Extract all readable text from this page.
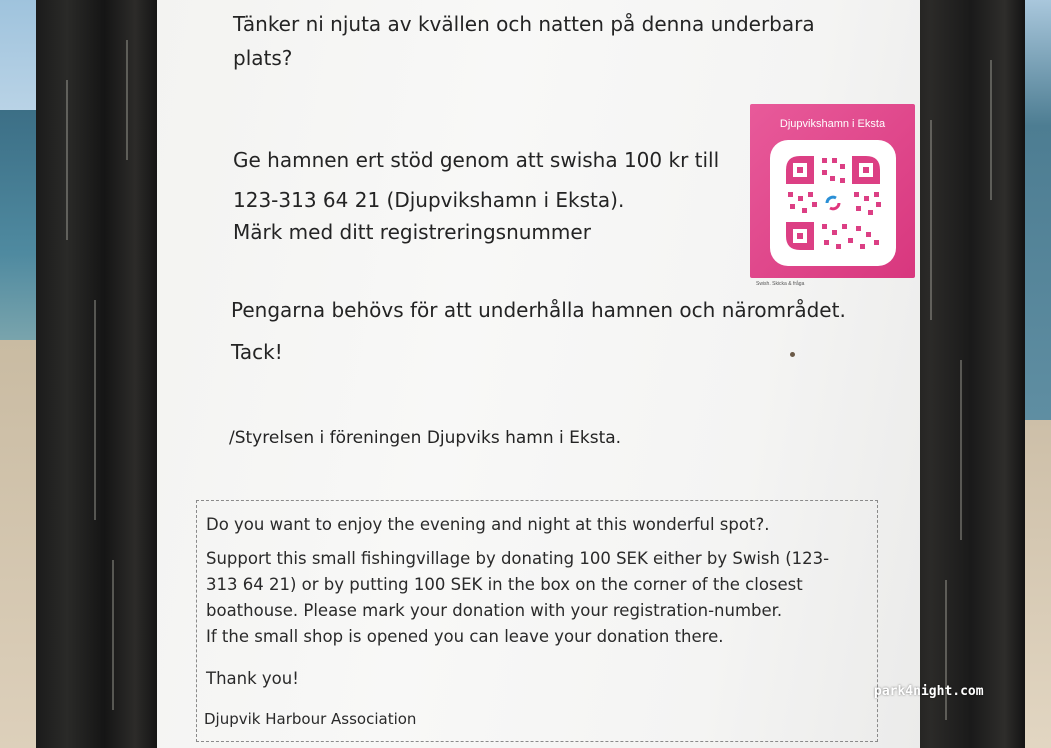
Tänker ni njuta av kvällen och natten på denna underbara
plats?
Ge hamnen ert stöd genom att swisha 100 kr till
123-313 64 21 (Djupvikshamn i Eksta).
Märk med ditt registreringsnummer
Pengarna behövs för att underhålla hamnen och närområdet.
Tack!
/Styrelsen i föreningen Djupviks hamn i Eksta.
Djupvikshamn i Eksta
Swish. Skicka & fråga
Do you want to enjoy the evening and night at this wonderful spot?.
Support this small fishingvillage by donating 100 SEK either by Swish (123-
313 64 21) or by putting 100 SEK in the box on the corner of the closest
boathouse. Please mark your donation with your registration-number.
If the small shop is opened you can leave your donation there.
Thank you!
Djupvik Harbour Association
park4night.com
